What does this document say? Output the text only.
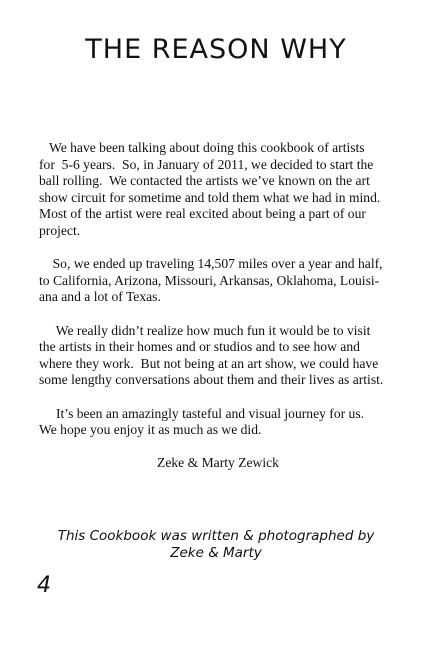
THE REASON WHY

We have been talking about doing this cookbook of artists
for  5-6 years.  So, in January of 2011, we decided to start the
ball rolling.  We contacted the artists we’ve known on the art
show circuit for sometime and told them what we had in mind.
Most of the artist were real excited about being a part of our
project.

So, we ended up traveling 14,507 miles over a year and half,
to California, Arizona, Missouri, Arkansas, Oklahoma, Louisi-
ana and a lot of Texas.

We really didn’t realize how much fun it would be to visit
the artists in their homes and or studios and to see how and
where they work.  But not being at an art show, we could have
some lengthy conversations about them and their lives as artist.

It’s been an amazingly tasteful and visual journey for us.
We hope you enjoy it as much as we did.

Zeke & Marty Zewick

This Cookbook was written & photographed by
Zeke & Marty
4
